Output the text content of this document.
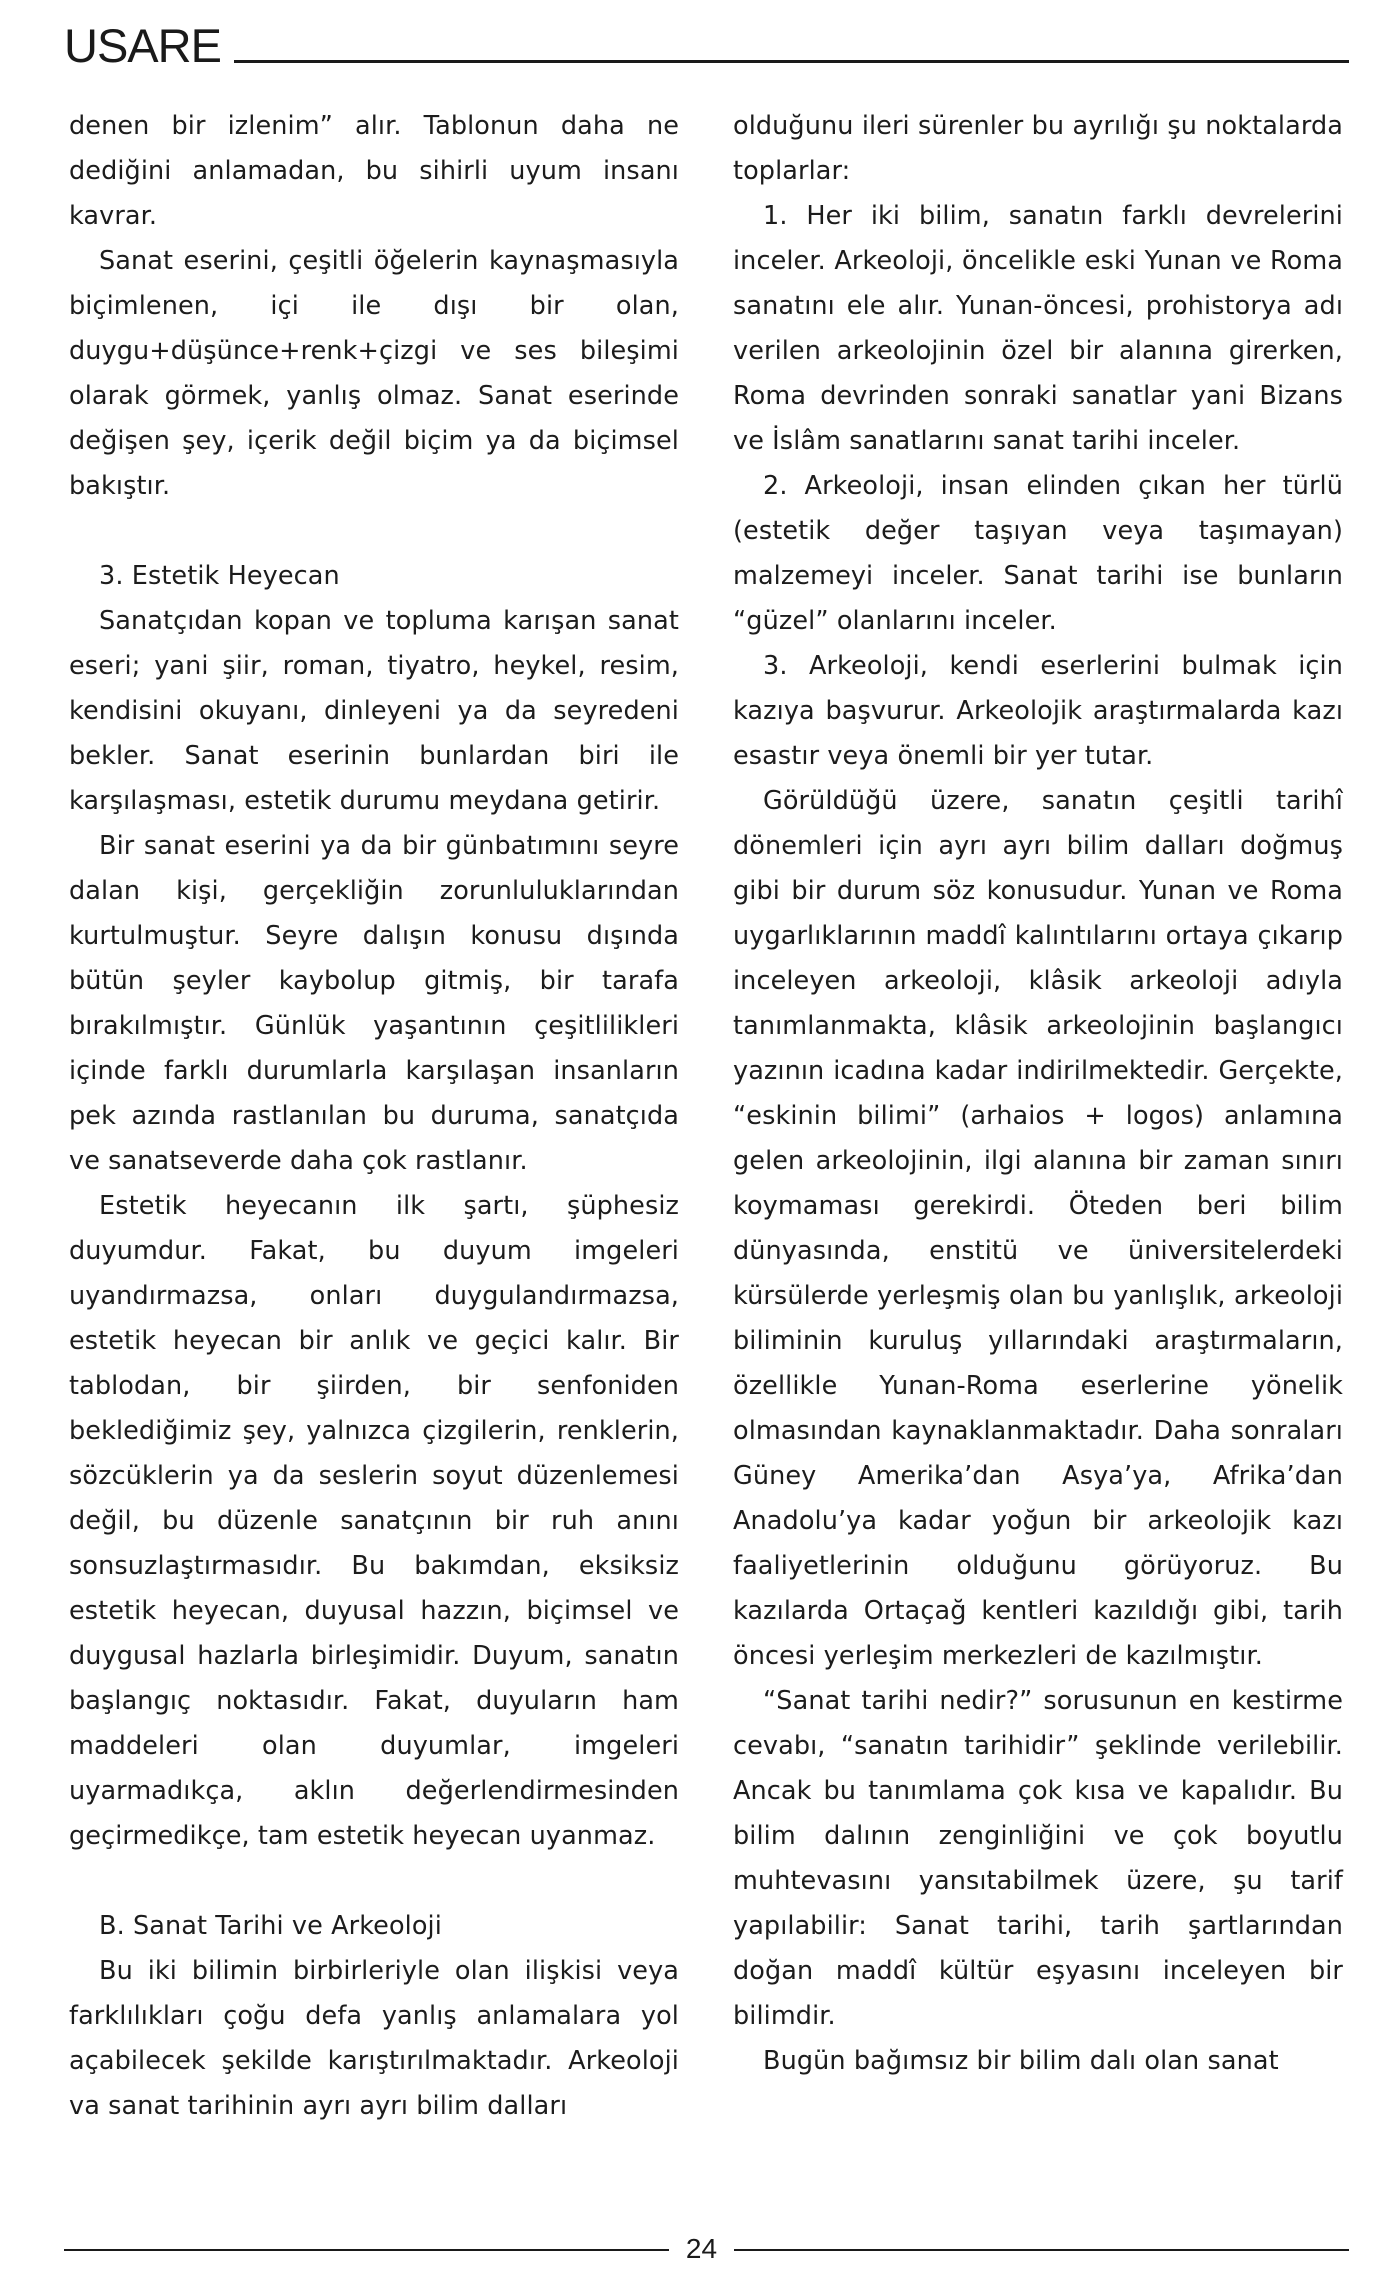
USARE

denen bir izlenim” alır. Tablonun daha ne dediğini anlamadan, bu sihirli uyum insanı kavrar.

Sanat eserini, çeşitli öğelerin kaynaşmasıyla biçimlenen, içi ile dışı bir olan, duygu+düşünce+renk+çizgi ve ses bileşimi olarak görmek, yanlış olmaz. Sanat eserinde değişen şey, içerik değil biçim ya da biçimsel bakıştır.

3. Estetik Heyecan

Sanatçıdan kopan ve topluma karışan sanat eseri; yani şiir, roman, tiyatro, heykel, resim, kendisini okuyanı, dinleyeni ya da seyredeni bekler. Sanat eserinin bunlardan biri ile karşılaşması, estetik durumu meydana getirir.

Bir sanat eserini ya da bir günbatımını seyre dalan kişi, gerçekliğin zorunluluklarından kurtulmuştur. Seyre dalışın konusu dışında bütün şeyler kaybolup gitmiş, bir tarafa bırakılmıştır. Günlük yaşantının çeşitlilikleri içinde farklı durumlarla karşılaşan insanların pek azında rastlanılan bu duruma, sanatçıda ve sanatseverde daha çok rastlanır.

Estetik heyecanın ilk şartı, şüphesiz duyumdur. Fakat, bu duyum imgeleri uyandırmazsa, onları duygulandırmazsa, estetik heyecan bir anlık ve geçici kalır. Bir tablodan, bir şiirden, bir senfoniden beklediğimiz şey, yalnızca çizgilerin, renklerin, sözcüklerin ya da seslerin soyut düzenlemesi değil, bu düzenle sanatçının bir ruh anını sonsuzlaştırmasıdır. Bu bakımdan, eksiksiz estetik heyecan, duyusal hazzın, biçimsel ve duygusal hazlarla birleşimidir. Duyum, sanatın başlangıç noktasıdır. Fakat, duyuların ham maddeleri olan duyumlar, imgeleri uyarmadıkça, aklın değerlendirmesinden geçirmedikçe, tam estetik heyecan uyanmaz.

B. Sanat Tarihi ve Arkeoloji

Bu iki bilimin birbirleriyle olan ilişkisi veya farklılıkları çoğu defa yanlış anlamalara yol açabilecek şekilde karıştırılmaktadır. Arkeoloji va sanat tarihinin ayrı ayrı bilim dalları

olduğunu ileri sürenler bu ayrılığı şu noktalarda toplarlar:

1. Her iki bilim, sanatın farklı devrelerini inceler. Arkeoloji, öncelikle eski Yunan ve Roma sanatını ele alır. Yunan-öncesi, prohistorya adı verilen arkeolojinin özel bir alanına girerken, Roma devrinden sonraki sanatlar yani Bizans ve İslâm sanatlarını sanat tarihi inceler.

2. Arkeoloji, insan elinden çıkan her türlü (estetik değer taşıyan veya taşımayan) malzemeyi inceler. Sanat tarihi ise bunların “güzel” olanlarını inceler.

3. Arkeoloji, kendi eserlerini bulmak için kazıya başvurur. Arkeolojik araştırmalarda kazı esastır veya önemli bir yer tutar.

Görüldüğü üzere, sanatın çeşitli tarihî dönemleri için ayrı ayrı bilim dalları doğmuş gibi bir durum söz konusudur. Yunan ve Roma uygarlıklarının maddî kalıntılarını ortaya çıkarıp inceleyen arkeoloji, klâsik arkeoloji adıyla tanımlanmakta, klâsik arkeolojinin başlangıcı yazının icadına kadar indirilmektedir. Gerçekte, “eskinin bilimi” (arhaios + logos) anlamına gelen arkeolojinin, ilgi alanına bir zaman sınırı koymaması gerekirdi. Öteden beri bilim dünyasında, enstitü ve üniversitelerdeki kürsülerde yerleşmiş olan bu yanlışlık, arkeoloji biliminin kuruluş yıllarındaki araştırmaların, özellikle Yunan-Roma eserlerine yönelik olmasından kaynaklanmaktadır. Daha sonraları Güney Amerika’dan Asya’ya, Afrika’dan Anadolu’ya kadar yoğun bir arkeolojik kazı faaliyetlerinin olduğunu görüyoruz. Bu kazılarda Ortaçağ kentleri kazıldığı gibi, tarih öncesi yerleşim merkezleri de kazılmıştır.

“Sanat tarihi nedir?” sorusunun en kestirme cevabı, “sanatın tarihidir” şeklinde verilebilir. Ancak bu tanımlama çok kısa ve kapalıdır. Bu bilim dalının zenginliğini ve çok boyutlu muhtevasını yansıtabilmek üzere, şu tarif yapılabilir: Sanat tarihi, tarih şartlarından doğan maddî kültür eşyasını inceleyen bir bilimdir.

Bugün bağımsız bir bilim dalı olan sanat

24
